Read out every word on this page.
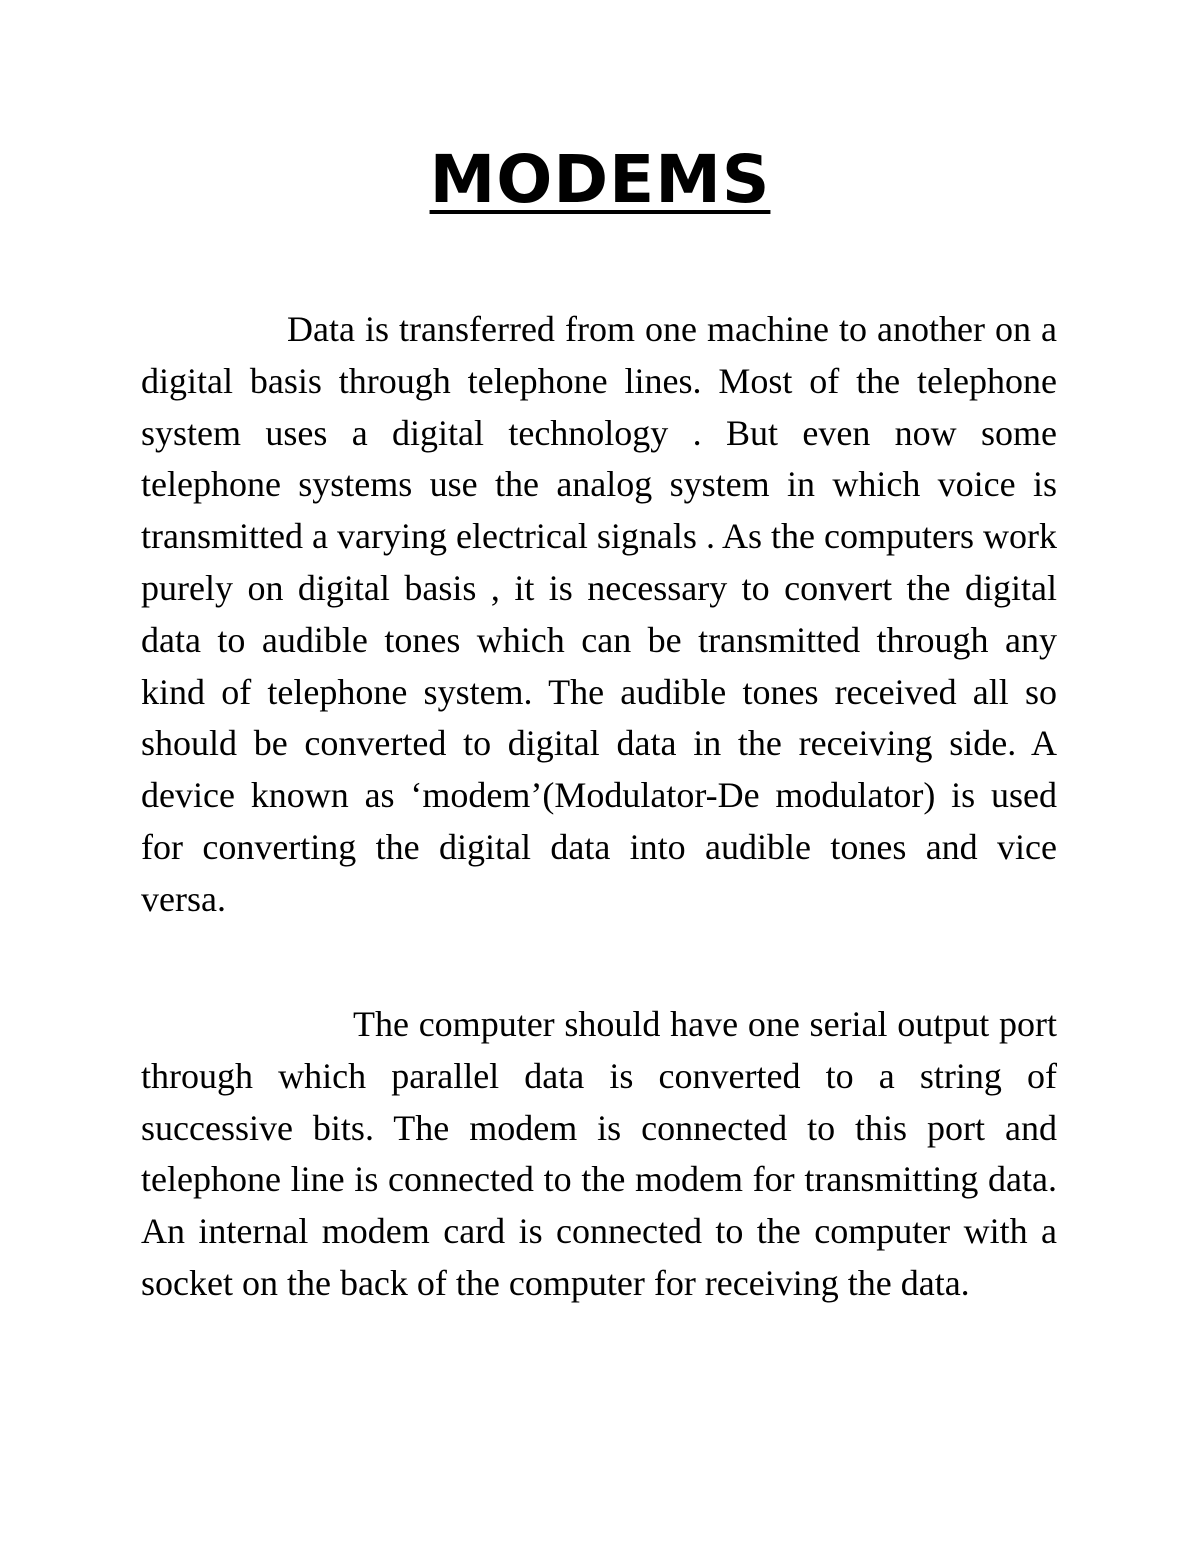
MODEMS

Data is transferred from one machine to another on a digital basis through telephone lines. Most of the telephone system uses a digital technology . But even now some telephone systems use the analog system in which voice is transmitted a varying electrical signals . As the computers work purely on digital basis , it is necessary to convert the digital data to audible tones which can be transmitted through any kind of telephone system. The audible tones received all so should be converted to digital data in the receiving side. A device known as ‘modem’(Modulator-De modulator) is used for converting the digital data into audible tones and vice versa.

The computer should have one serial output port through which parallel data is converted to a string of successive bits. The modem is connected to this port and telephone line is connected to the modem for transmitting data. An internal modem card is connected to the computer with a socket on the back of the computer for receiving the data.
